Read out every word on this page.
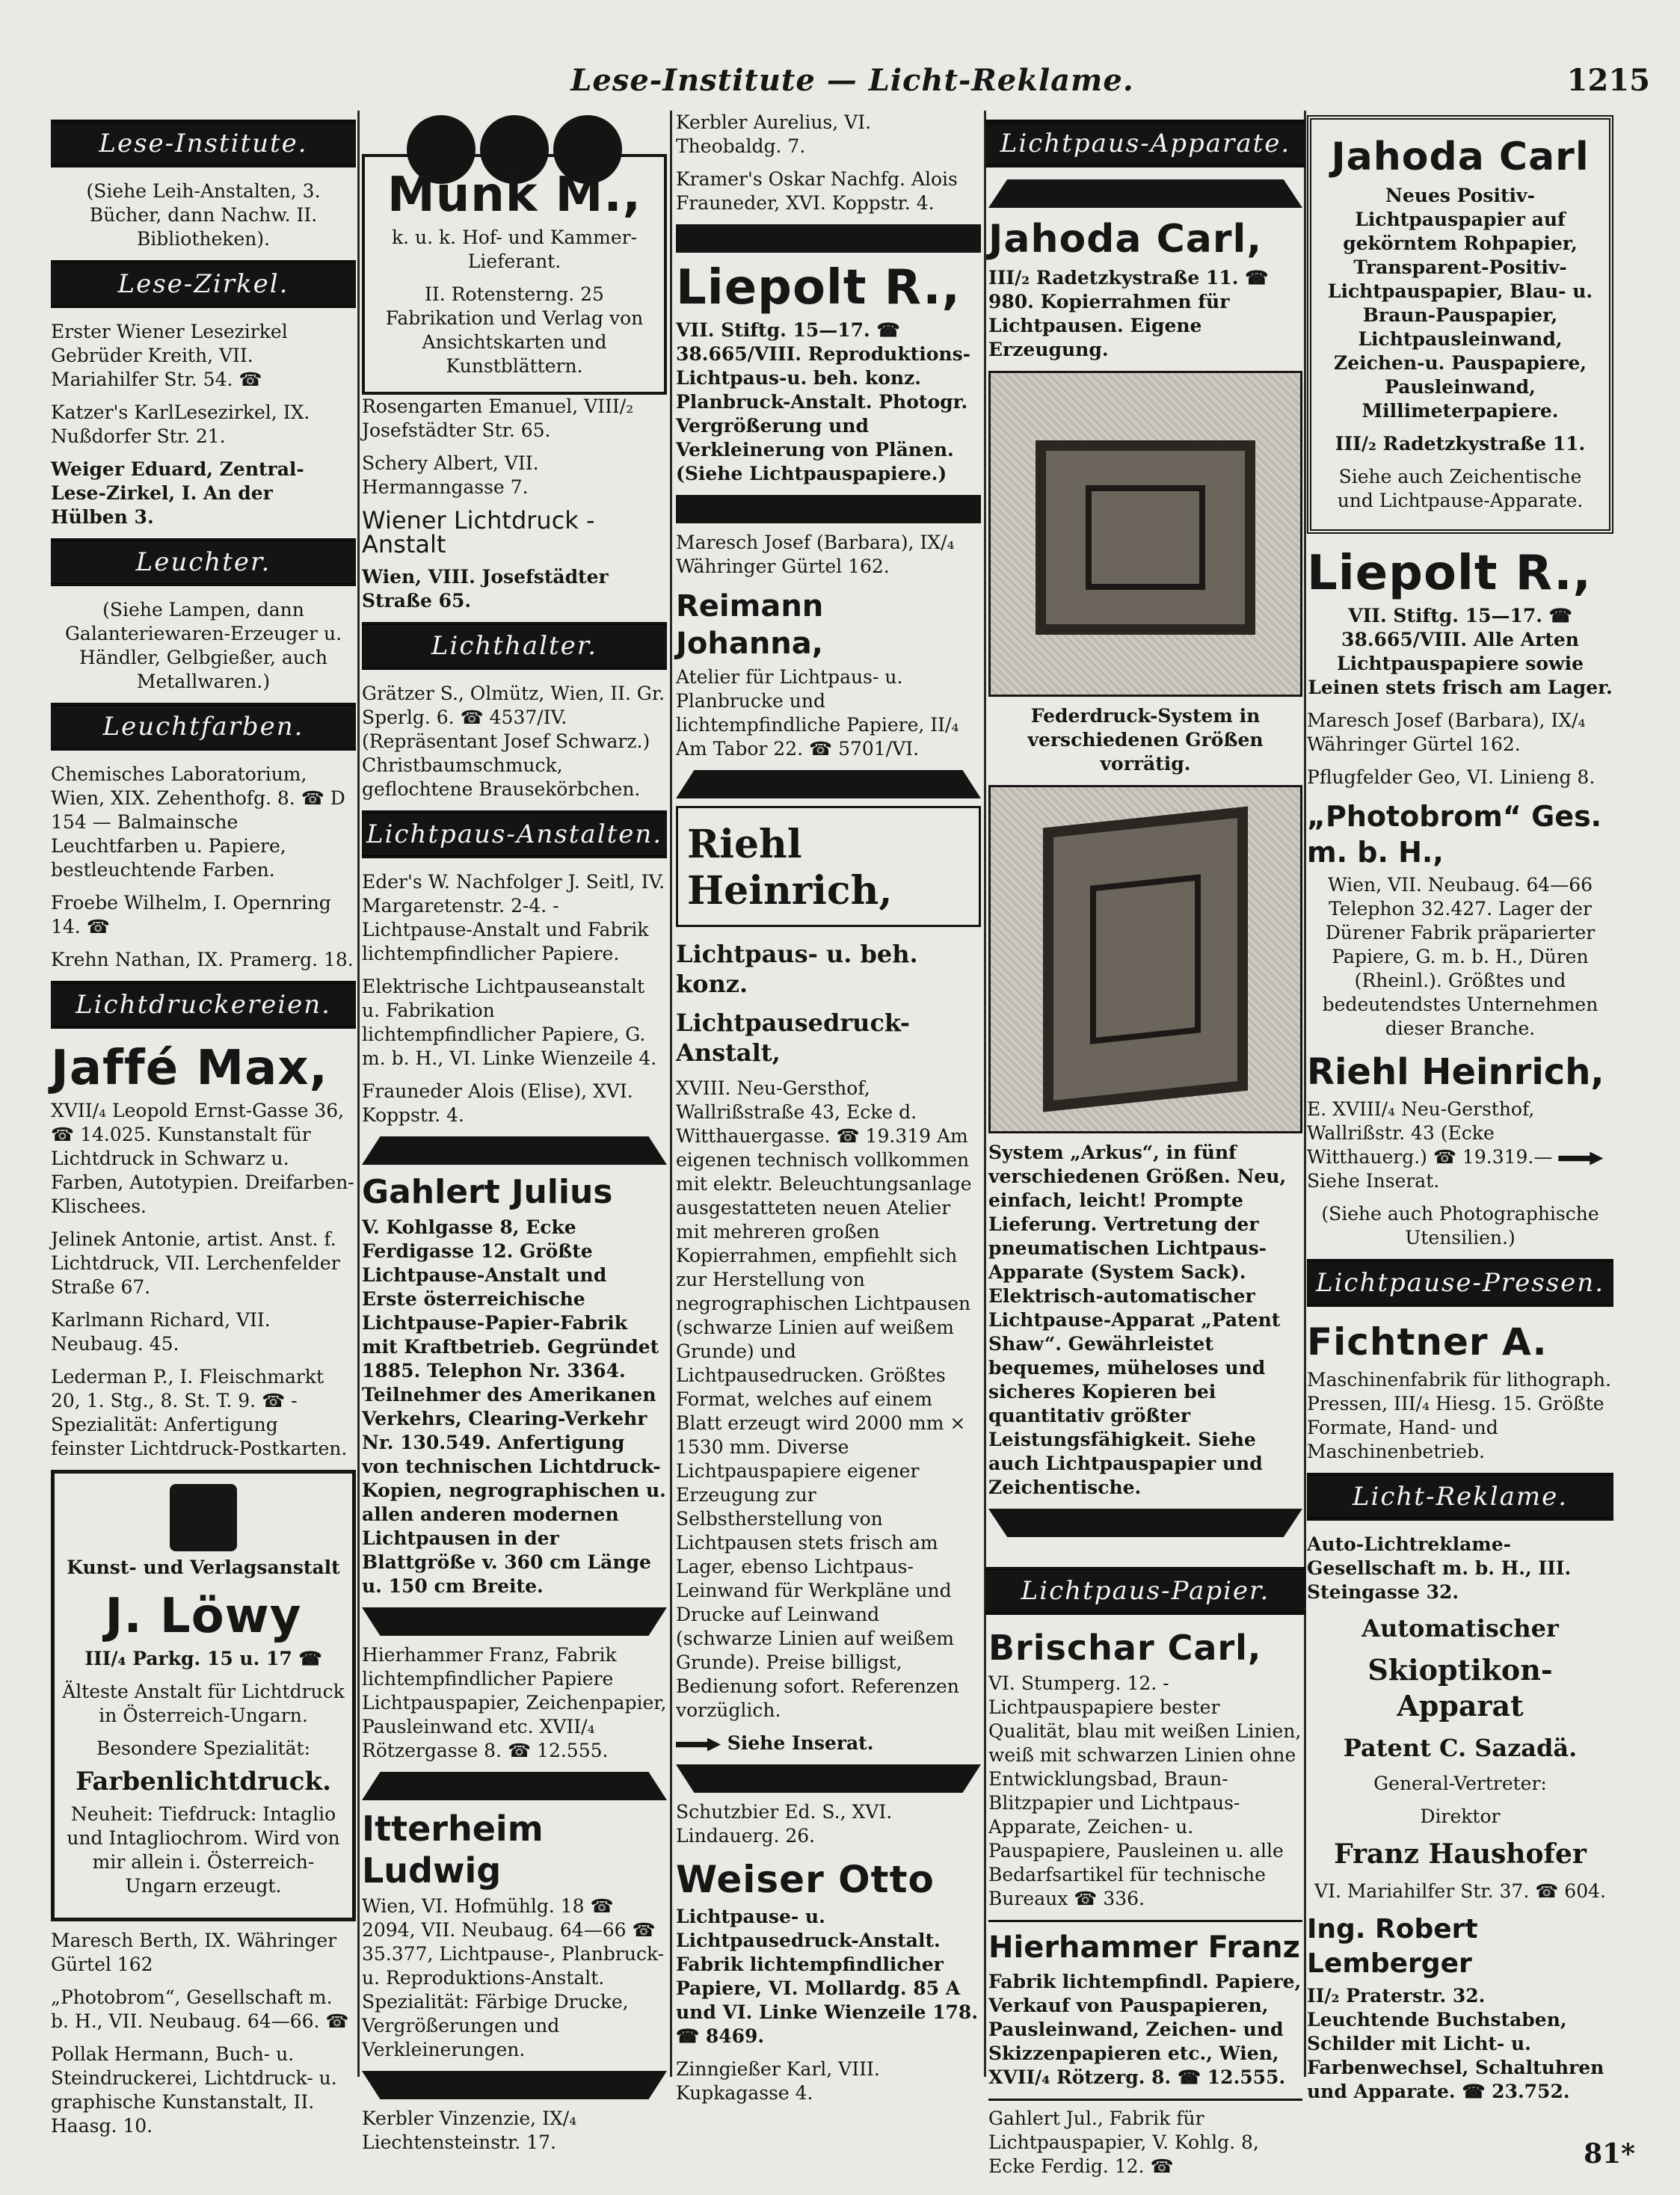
Lese-Institute — Licht-Reklame.	1215
Lese-Institute.
(Siehe Leih-Anstalten, 3. Bücher, dann Nachw. II. Bibliotheken).
Lese-Zirkel.
Erster Wiener Lesezirkel Gebrüder Kreith, VII. Mariahilfer Str. 54. ☎
Katzer's KarlLesezirkel, IX. Nußdorfer Str. 21.
Weiger Eduard, Zentral-Lese-Zirkel, I. An der Hülben 3.
Leuchter.
(Siehe Lampen, dann Galanteriewaren-Erzeuger u. Händler, Gelbgießer, auch Metallwaren.)
Leuchtfarben.
Chemisches Laboratorium, Wien, XIX. Zehenthofg. 8. ☎ D 154 — Balmainsche Leuchtfarben u. Papiere, bestleuchtende Farben.
Froebe Wilhelm, I. Opernring 14. ☎
Krehn Nathan, IX. Pramerg. 18.
Lichtdruckereien.
Jaffé Max,
XVII/₄ Leopold Ernst-Gasse 36, ☎ 14.025. Kunstanstalt für Lichtdruck in Schwarz u. Farben, Autotypien. Dreifarben-Klischees.
Jelinek Antonie, artist. Anst. f. Lichtdruck, VII. Lerchenfelder Straße 67.
Karlmann Richard, VII. Neubaug. 45.
Lederman P., I. Fleischmarkt 20, 1. Stg., 8. St. T. 9. ☎ -Spezialität: Anfertigung feinster Lichtdruck-Postkarten.
Kunst- und Verlagsanstalt
J. Löwy
III/₄ Parkg. 15 u. 17 ☎
Älteste Anstalt für Lichtdruck in Österreich-Ungarn.
Besondere Spezialität:
Farbenlichtdruck.
Neuheit: Tiefdruck: Intaglio und Intagliochrom. Wird von mir allein i. Österreich-Ungarn erzeugt.
Maresch Berth, IX. Währinger Gürtel 162
„Photobrom“, Gesellschaft m. b. H., VII. Neubaug. 64—66. ☎
Pollak Hermann, Buch- u. Steindruckerei, Lichtdruck- u. graphische Kunstanstalt, II. Haasg. 10.
Munk M.,
k. u. k. Hof- und Kammer-Lieferant.
II. Rotensterng. 25 Fabrikation und Verlag von Ansichtskarten und Kunstblättern.
Rosengarten Emanuel, VIII/₂ Josefstädter Str. 65.
Schery Albert, VII. Hermanngasse 7.
Wiener Lichtdruck - Anstalt
Wien, VIII. Josefstädter Straße 65.
Lichthalter.
Grätzer S., Olmütz, Wien, II. Gr. Sperlg. 6. ☎ 4537/IV. (Repräsentant Josef Schwarz.) Christbaumschmuck, geflochtene Brausekörbchen.
Lichtpaus-Anstalten.
Eder's W. Nachfolger J. Seitl, IV. Margaretenstr. 2-4. -Lichtpause-Anstalt und Fabrik lichtempfindlicher Papiere.
Elektrische Lichtpauseanstalt u. Fabrikation lichtempfindlicher Papiere, G. m. b. H., VI. Linke Wienzeile 4.
Frauneder Alois (Elise), XVI. Koppstr. 4.
Gahlert Julius
V. Kohlgasse 8, Ecke Ferdigasse 12. Größte Lichtpause-Anstalt und Erste österreichische Lichtpause-Papier-Fabrik mit Kraftbetrieb. Gegründet 1885. Telephon Nr. 3364. Teilnehmer des Amerikanen Verkehrs, Clearing-Verkehr Nr. 130.549. Anfertigung von technischen Lichtdruck-Kopien, negrographischen u. allen anderen modernen Lichtpausen in der Blattgröße v. 360 cm Länge u. 150 cm Breite.
Hierhammer Franz, Fabrik lichtempfindlicher Papiere Lichtpauspapier, Zeichenpapier, Pausleinwand etc. XVII/₄ Rötzergasse 8. ☎ 12.555.
Itterheim Ludwig
Wien, VI. Hofmühlg. 18 ☎ 2094, VII. Neubaug. 64—66 ☎ 35.377, Lichtpause-, Planbruck- u. Reproduktions-Anstalt. Spezialität: Färbige Drucke, Vergrößerungen und Verkleinerungen.
Kerbler Vinzenzie, IX/₄ Liechtensteinstr. 17.
Kerbler Aurelius, VI. Theobaldg. 7.
Kramer's Oskar Nachfg. Alois Frauneder, XVI. Koppstr. 4.
Liepolt R.,
VII. Stiftg. 15—17. ☎ 38.665/VIII. Reproduktions-Lichtpaus-u. beh. konz. Planbruck-Anstalt. Photogr. Vergrößerung und Verkleinerung von Plänen. (Siehe Lichtpauspapiere.)
Maresch Josef (Barbara), IX/₄ Währinger Gürtel 162.
Reimann Johanna,
Atelier für Lichtpaus- u. Planbrucke und lichtempfindliche Papiere, II/₄ Am Tabor 22. ☎ 5701/VI.
Riehl Heinrich,
Lichtpaus- u. beh. konz.
Lichtpausedruck-Anstalt,
XVIII. Neu-Gersthof, Wallrißstraße 43, Ecke d. Witthauergasse. ☎ 19.319 Am eigenen technisch vollkommen mit elektr. Beleuchtungsanlage ausgestatteten neuen Atelier mit mehreren großen Kopierrahmen, empfiehlt sich zur Herstellung von negrographischen Lichtpausen (schwarze Linien auf weißem Grunde) und Lichtpausedrucken. Größtes Format, welches auf einem Blatt erzeugt wird 2000 mm × 1530 mm. Diverse Lichtpauspapiere eigener Erzeugung zur Selbstherstellung von Lichtpausen stets frisch am Lager, ebenso Lichtpaus-Leinwand für Werkpläne und Drucke auf Leinwand (schwarze Linien auf weißem Grunde). Preise billigst, Bedienung sofort. Referenzen vorzüglich.
Siehe Inserat.
Schutzbier Ed. S., XVI. Lindauerg. 26.
Weiser Otto
Lichtpause- u. Lichtpausedruck-Anstalt. Fabrik lichtempfindlicher Papiere, VI. Mollardg. 85 A und VI. Linke Wienzeile 178. ☎ 8469.
Zinngießer Karl, VIII. Kupkagasse 4.
Lichtpaus-Apparate.
Jahoda Carl,
III/₂ Radetzkystraße 11. ☎ 980. Kopierrahmen für Lichtpausen. Eigene Erzeugung.
Federdruck-System in verschiedenen Größen vorrätig.
System „Arkus“, in fünf verschiedenen Größen. Neu, einfach, leicht! Prompte Lieferung. Vertretung der pneumatischen Lichtpaus-Apparate (System Sack). Elektrisch-automatischer Lichtpause-Apparat „Patent Shaw“. Gewährleistet bequemes, müheloses und sicheres Kopieren bei quantitativ größter Leistungsfähigkeit. Siehe auch Lichtpauspapier und Zeichentische.
Lichtpaus-Papier.
Brischar Carl,
VI. Stumperg. 12. -Lichtpauspapiere bester Qualität, blau mit weißen Linien, weiß mit schwarzen Linien ohne Entwicklungsbad, Braun-Blitzpapier und Lichtpaus-Apparate, Zeichen- u. Pauspapiere, Pausleinen u. alle Bedarfsartikel für technische Bureaux ☎ 336.
Hierhammer Franz
Fabrik lichtempfindl. Papiere, Verkauf von Pauspapieren, Pausleinwand, Zeichen- und Skizzenpapieren etc., Wien, XVII/₄ Rötzerg. 8. ☎ 12.555.
Gahlert Jul., Fabrik für Lichtpauspapier, V. Kohlg. 8, Ecke Ferdig. 12. ☎
Jahoda Carl
Neues Positiv-Lichtpauspapier auf gekörntem Rohpapier, Transparent-Positiv-Lichtpauspapier, Blau- u. Braun-Pauspapier, Lichtpausleinwand, Zeichen-u. Pauspapiere, Pausleinwand, Millimeterpapiere.
III/₂ Radetzkystraße 11.
Siehe auch Zeichentische und Lichtpause-Apparate.
Liepolt R.,
VII. Stiftg. 15—17. ☎ 38.665/VIII. Alle Arten Lichtpauspapiere sowie Leinen stets frisch am Lager.
Maresch Josef (Barbara), IX/₄ Währinger Gürtel 162.
Pflugfelder Geo, VI. Linieng 8.
„Photobrom“ Ges. m. b. H.,
Wien, VII. Neubaug. 64—66 Telephon 32.427. Lager der Dürener Fabrik präparierter Papiere, G. m. b. H., Düren (Rheinl.). Größtes und bedeutendstes Unternehmen dieser Branche.
Riehl Heinrich,
E. XVIII/₄ Neu-Gersthof, Wallrißstr. 43 (Ecke Witthauerg.) ☎ 19.319.—  Siehe Inserat.
(Siehe auch Photographische Utensilien.)
Lichtpause-Pressen.
Fichtner A.
Maschinenfabrik für lithograph. Pressen, III/₄ Hiesg. 15. Größte Formate, Hand- und Maschinenbetrieb.
Licht-Reklame.
Auto-Lichtreklame-Gesellschaft m. b. H., III. Steingasse 32.
Automatischer
Skioptikon-Apparat
Patent C. Sazadä.
General-Vertreter:
Direktor
Franz Haushofer
VI. Mariahilfer Str. 37. ☎ 604.
Ing. Robert Lemberger
II/₂ Praterstr. 32. Leuchtende Buchstaben, Schilder mit Licht- u. Farbenwechsel, Schaltuhren und Apparate. ☎ 23.752.
81*
